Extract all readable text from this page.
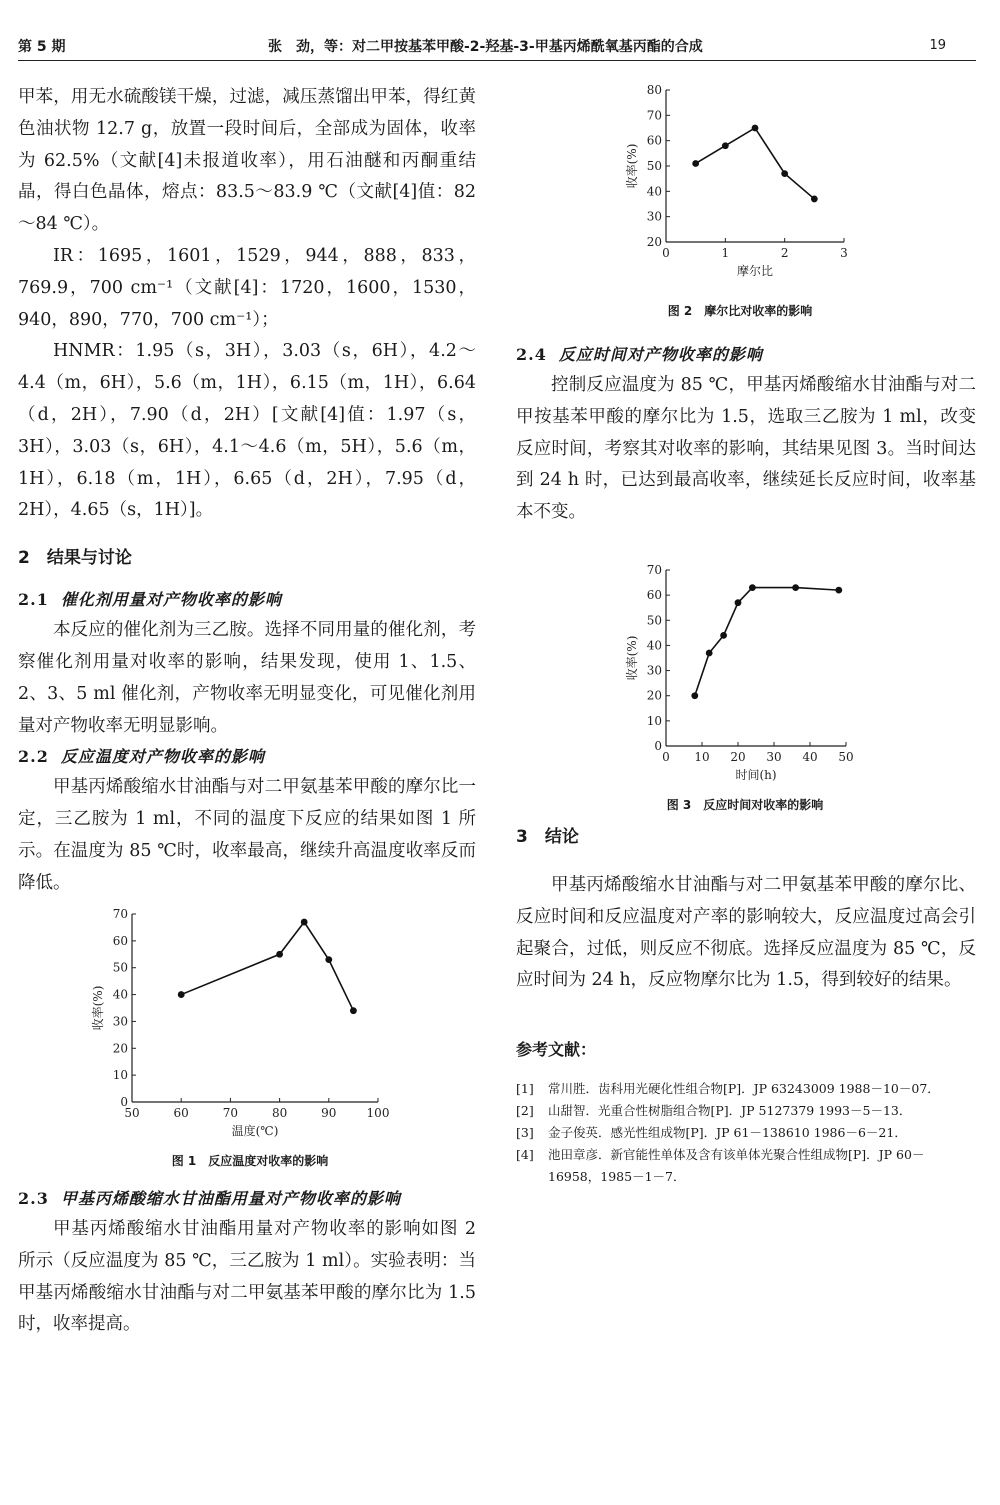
第 5 期	张　劲，等：对二甲按基苯甲酸-2-羟基-3-甲基丙烯酰氧基丙酯的合成	19

甲苯，用无水硫酸镁干燥，过滤，减压蒸馏出甲苯，得红黄色油状物 12.7 g，放置一段时间后，全部成为固体，收率为 62.5%（文献[4]未报道收率），用石油醚和丙酮重结晶，得白色晶体，熔点：83.5～83.9 ℃（文献[4]值：82～84 ℃）。

IR：1695，1601，1529，944，888，833，769.9，700 cm⁻¹（文献[4]：1720，1600，1530，940，890，770，700 cm⁻¹）；

HNMR：1.95（s，3H），3.03（s，6H），4.2～4.4（m，6H），5.6（m，1H），6.15（m，1H），6.64（d，2H），7.90（d，2H）[文献[4]值：1.97（s，3H），3.03（s，6H），4.1～4.6（m，5H），5.6（m，1H），6.18（m，1H），6.65（d，2H），7.95（d，2H），4.65（s，1H）]。

2　 结果与讨论
2.1 催化剂用量对产物收率的影响

本反应的催化剂为三乙胺。选择不同用量的催化剂，考察催化剂用量对收率的影响，结果发现，使用 1、1.5、2、3、5 ml 催化剂，产物收率无明显变化，可见催化剂用量对产物收率无明显影响。

2.2 反应温度对产物收率的影响

甲基丙烯酸缩水甘油酯与对二甲氨基苯甲酸的摩尔比一定，三乙胺为 1 ml，不同的温度下反应的结果如图 1 所示。在温度为 85 ℃时，收率最高，继续升高温度收率反而降低。

50	60	70	80	90	100
0
10
20
30
40
50
60
70
温度(℃)
收率(%)
图 1　反应温度对收率的影响
2.3 甲基丙烯酸缩水甘油酯用量对产物收率的影响

甲基丙烯酸缩水甘油酯用量对产物收率的影响如图 2 所示（反应温度为 85 ℃，三乙胺为 1 ml）。实验表明：当甲基丙烯酸缩水甘油酯与对二甲氨基苯甲酸的摩尔比为 1.5 时，收率提高。

0	1	2	3
20
30
40
50
60
70
80
摩尔比
收率(%)
图 2　摩尔比对收率的影响
2.4 反应时间对产物收率的影响

控制反应温度为 85 ℃，甲基丙烯酸缩水甘油酯与对二甲按基苯甲酸的摩尔比为 1.5，选取三乙胺为 1 ml，改变反应时间，考察其对收率的影响，其结果见图 3。当时间达到 24 h 时，已达到最高收率，继续延长反应时间，收率基本不变。

0 10 20 30 40 50
0
10
20
30
40
50
60
70
时间(h)
收率(%)
图 3　反应时间对收率的影响
3　 结论

甲基丙烯酸缩水甘油酯与对二甲氨基苯甲酸的摩尔比、反应时间和反应温度对产率的影响较大，反应温度过高会引起聚合，过低，则反应不彻底。选择反应温度为 85 ℃，反应时间为 24 h，反应物摩尔比为 1.5，得到较好的结果。

参考文献：
[1]	常川胜．齿科用光硬化性组合物[P]．JP 63243009 1988－10－07．
[2]	山甜智．光重合性树脂组合物[P]．JP 5127379 1993－5－13．
[3]	金子俊英．感光性组成物[P]．JP 61－138610 1986－6－21．
[4]	池田章彦．新官能性单体及含有该单体光聚合性组成物[P]．JP 60－16958，1985－1－7．
